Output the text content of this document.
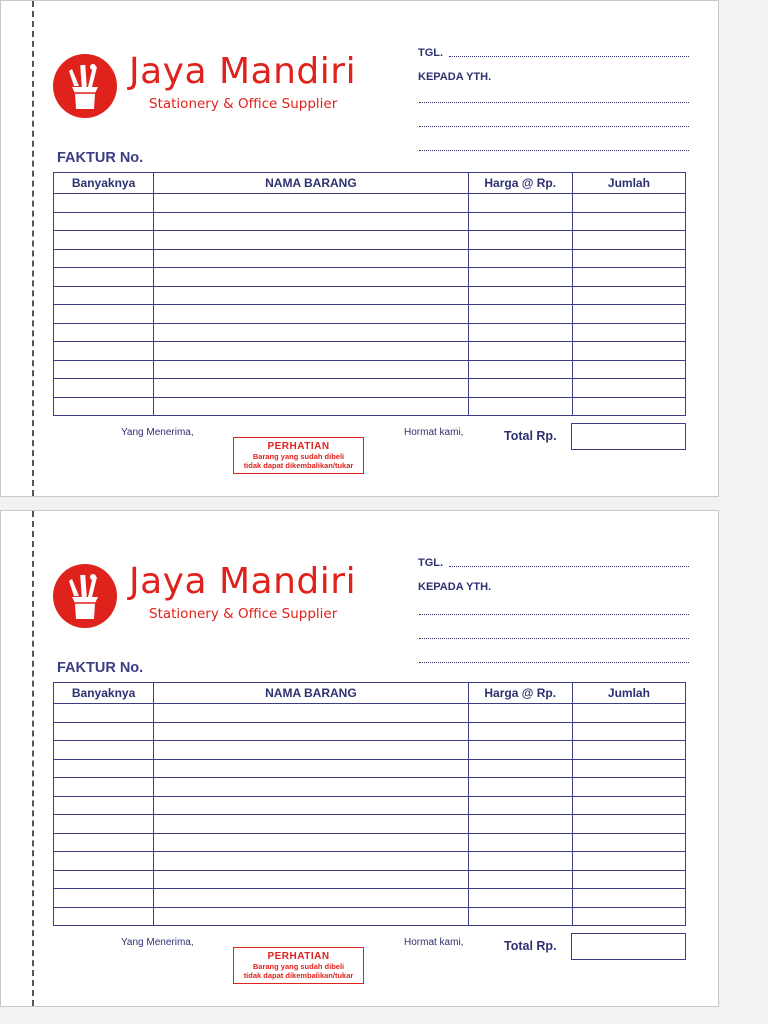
Jaya Mandiri
Stationery & Office Supplier
TGL.
KEPADA YTH.
FAKTUR No.
Banyaknya	NAMA BARANG	Harga @ Rp.	Jumlah

Yang Menerima,
PERHATIAN
Barang yang sudah dibeli
tidak dapat dikembalikan/tukar
Hormat kami,	Total Rp.
Jaya Mandiri
Stationery & Office Supplier
TGL.
KEPADA YTH.
FAKTUR No.
Banyaknya	NAMA BARANG	Harga @ Rp.	Jumlah

Yang Menerima,
PERHATIAN
Barang yang sudah dibeli
tidak dapat dikembalikan/tukar
Hormat kami,	Total Rp.
